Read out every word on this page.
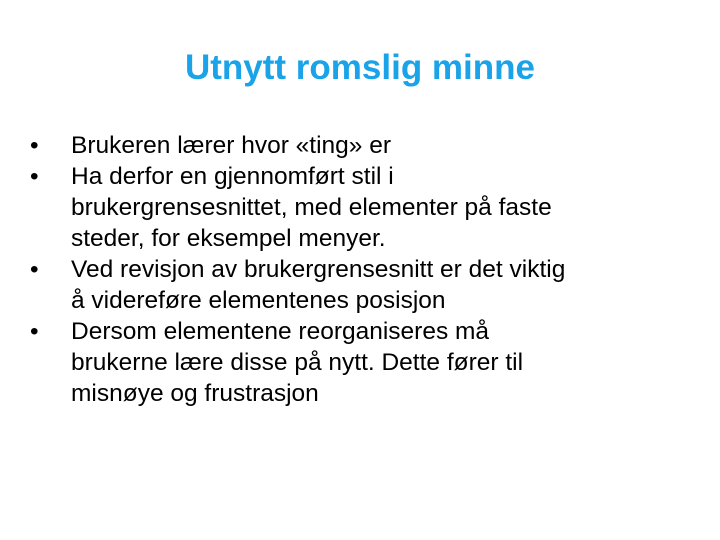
Utnytt romslig minne
•	Brukeren lærer hvor «ting» er
•	Ha derfor en gjennomført stil i
brukergrensesnittet, med elementer på faste
steder, for eksempel menyer.
•	Ved revisjon av brukergrensesnitt er det viktig
å videreføre elementenes posisjon
•	Dersom elementene reorganiseres må
brukerne lære disse på nytt. Dette fører til
misnøye og frustrasjon
